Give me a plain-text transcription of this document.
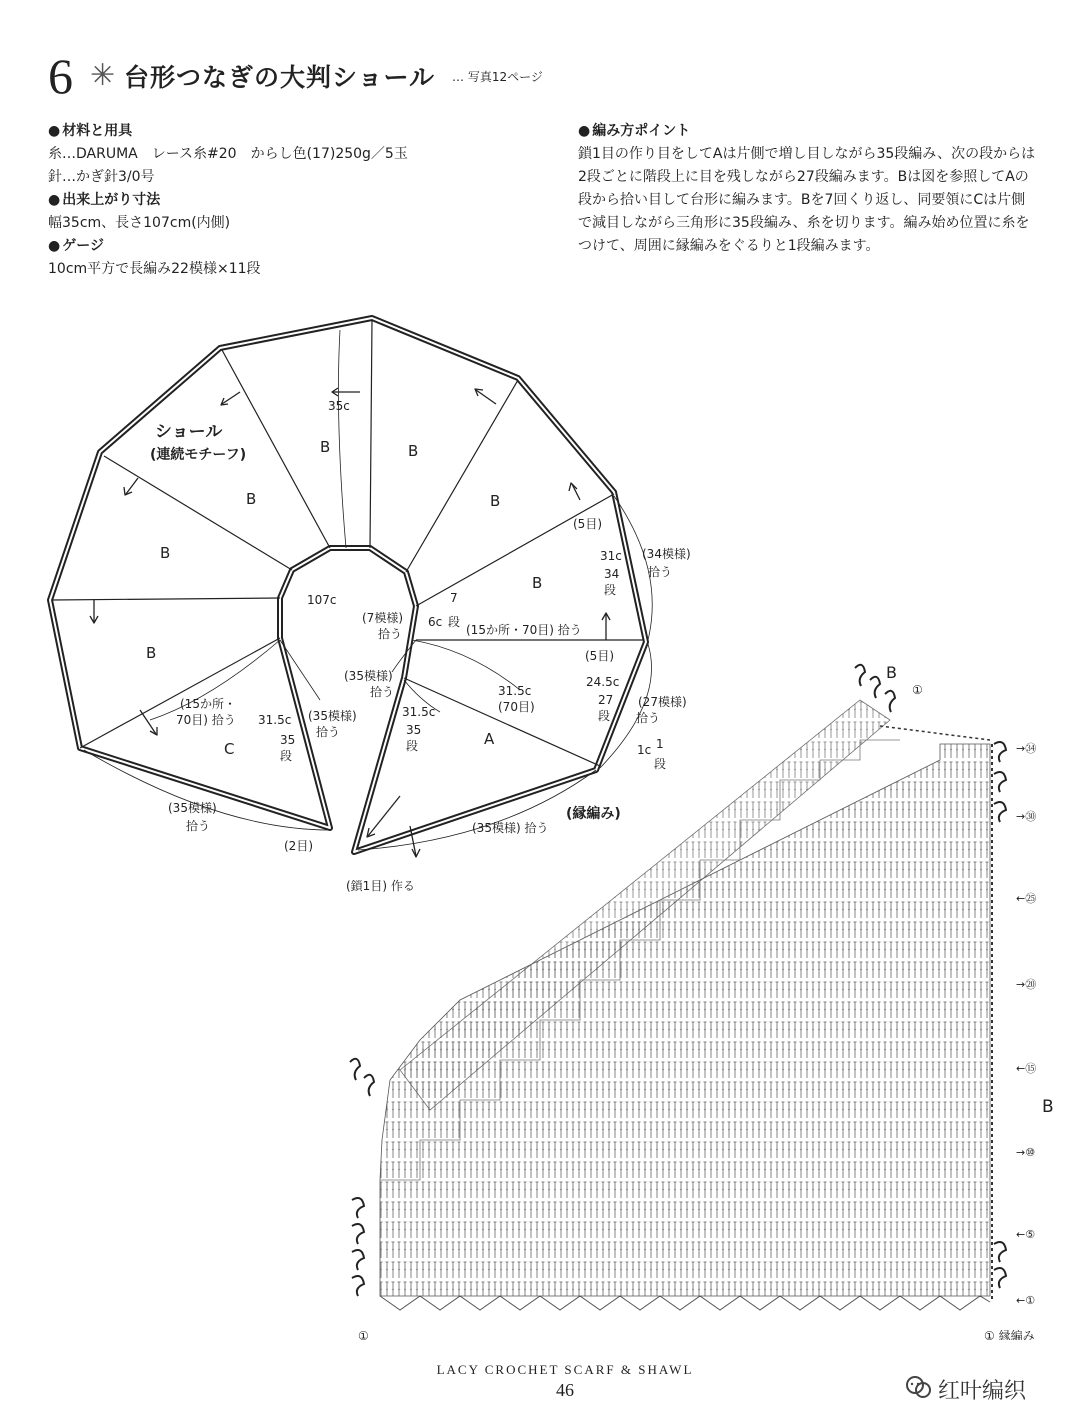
6 ✳ 台形つなぎの大判ショール … 写真12ページ
● 材料と用具
糸…DARUMA　レース糸#20　からし色(17)250g／5玉
針…かぎ針3/0号
● 出来上がり寸法
幅35cm、長さ107cm(内側)
● ゲージ
10cm平方で長編み22模様×11段
● 編み方ポイント

鎖1目の作り目をしてAは片側で増し目しながら35段編み、次の段からは

2段ごとに階段上に目を残しながら27段編みます。Bは図を参照してAの

段から拾い目して台形に編みます。Bを7回くり返し、同要領にCは片側

で減目しながら三角形に35段編み、糸を切ります。編み始め位置に糸を

つけて、周囲に縁編みをぐるりと1段編みます。

ショール
(連続モチーフ)	B	B
B
B
B
B
B
A
C
35c
107c
(5目)
31c
34
段
(34模様)
拾う
(7模様)
拾う
6c
7
段
(15か所・70目) 拾う
(5目)
(35模様)
拾う	31.5c
(70目)
31.5c
35
段
24.5c
27
段
(27模様)
拾う
1c 1
段
(縁編み)
(35模様) 拾う
(35模様)
拾う
31.5c
35
段
(15か所・
70目) 拾う
(35模様)
拾う
(2目)
(鎖1目) 作る
B
①
→㉞
→㉚
←㉕
→⑳
←⑮
→⑩
←⑤
←①
B
①	① 縁編み
LACY CROCHET SCARF & SHAWL
46	红叶编织
